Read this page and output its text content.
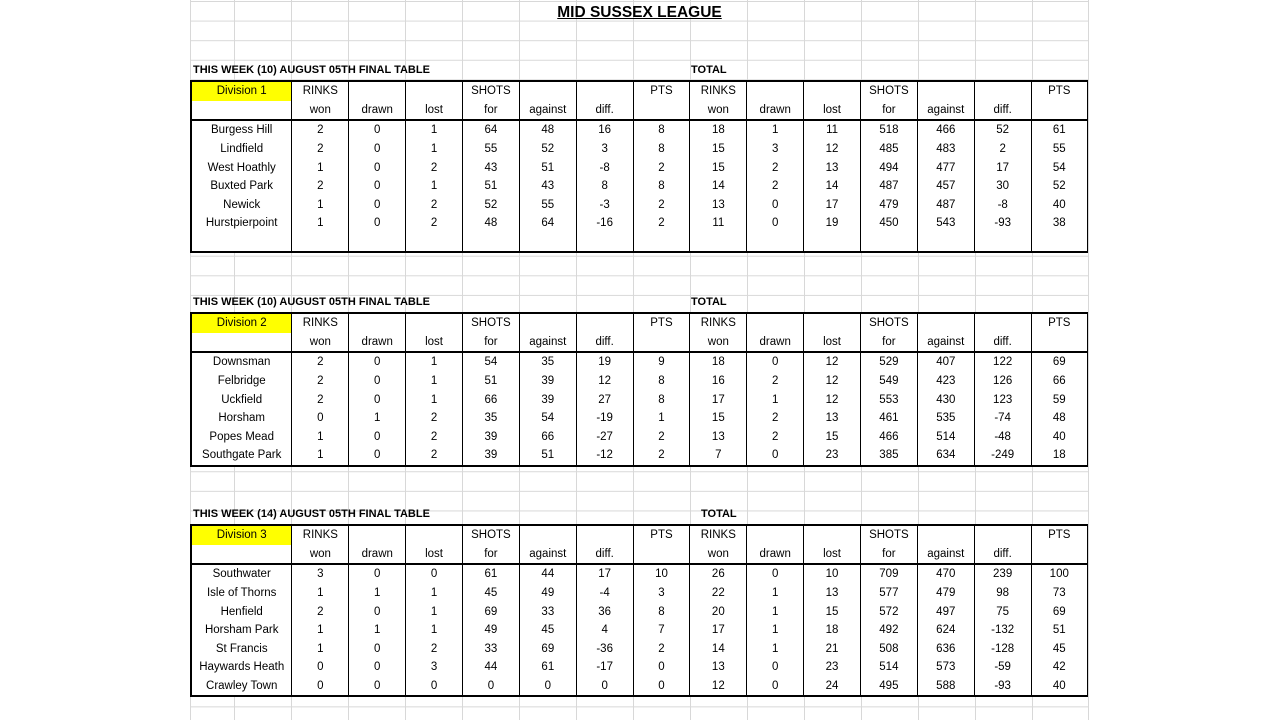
MID SUSSEX LEAGUE
THIS WEEK (10) AUGUST 05TH FINAL TABLE	TOTAL
Division 1	RINKS			SHOTS			PTS	RINKS			SHOTS			PTS
	won	drawn	lost	for	against	diff.		won	drawn	lost	for	against	diff.	
Burgess Hill	2	0	1	64	48	16	8	18	1	11	518	466	52	61
Lindfield	2	0	1	55	52	3	8	15	3	12	485	483	2	55
West Hoathly	1	0	2	43	51	-8	2	15	2	13	494	477	17	54
Buxted Park	2	0	1	51	43	8	8	14	2	14	487	457	30	52
Newick	1	0	2	52	55	-3	2	13	0	17	479	487	-8	40
Hurstpierpoint	1	0	2	48	64	-16	2	11	0	19	450	543	-93	38

THIS WEEK (10) AUGUST 05TH FINAL TABLE	TOTAL
Division 2	RINKS			SHOTS			PTS	RINKS			SHOTS			PTS
	won	drawn	lost	for	against	diff.		won	drawn	lost	for	against	diff.	
Downsman	2	0	1	54	35	19	9	18	0	12	529	407	122	69
Felbridge	2	0	1	51	39	12	8	16	2	12	549	423	126	66
Uckfield	2	0	1	66	39	27	8	17	1	12	553	430	123	59
Horsham	0	1	2	35	54	-19	1	15	2	13	461	535	-74	48
Popes Mead	1	0	2	39	66	-27	2	13	2	15	466	514	-48	40
Southgate Park	1	0	2	39	51	-12	2	7	0	23	385	634	-249	18
THIS WEEK (14) AUGUST 05TH FINAL TABLE	TOTAL
Division 3	RINKS			SHOTS			PTS	RINKS			SHOTS			PTS
	won	drawn	lost	for	against	diff.		won	drawn	lost	for	against	diff.	
Southwater	3	0	0	61	44	17	10	26	0	10	709	470	239	100
Isle of Thorns	1	1	1	45	49	-4	3	22	1	13	577	479	98	73
Henfield	2	0	1	69	33	36	8	20	1	15	572	497	75	69
Horsham Park	1	1	1	49	45	4	7	17	1	18	492	624	-132	51
St Francis	1	0	2	33	69	-36	2	14	1	21	508	636	-128	45
Haywards Heath	0	0	3	44	61	-17	0	13	0	23	514	573	-59	42
Crawley Town	0	0	0	0	0	0	0	12	0	24	495	588	-93	40
